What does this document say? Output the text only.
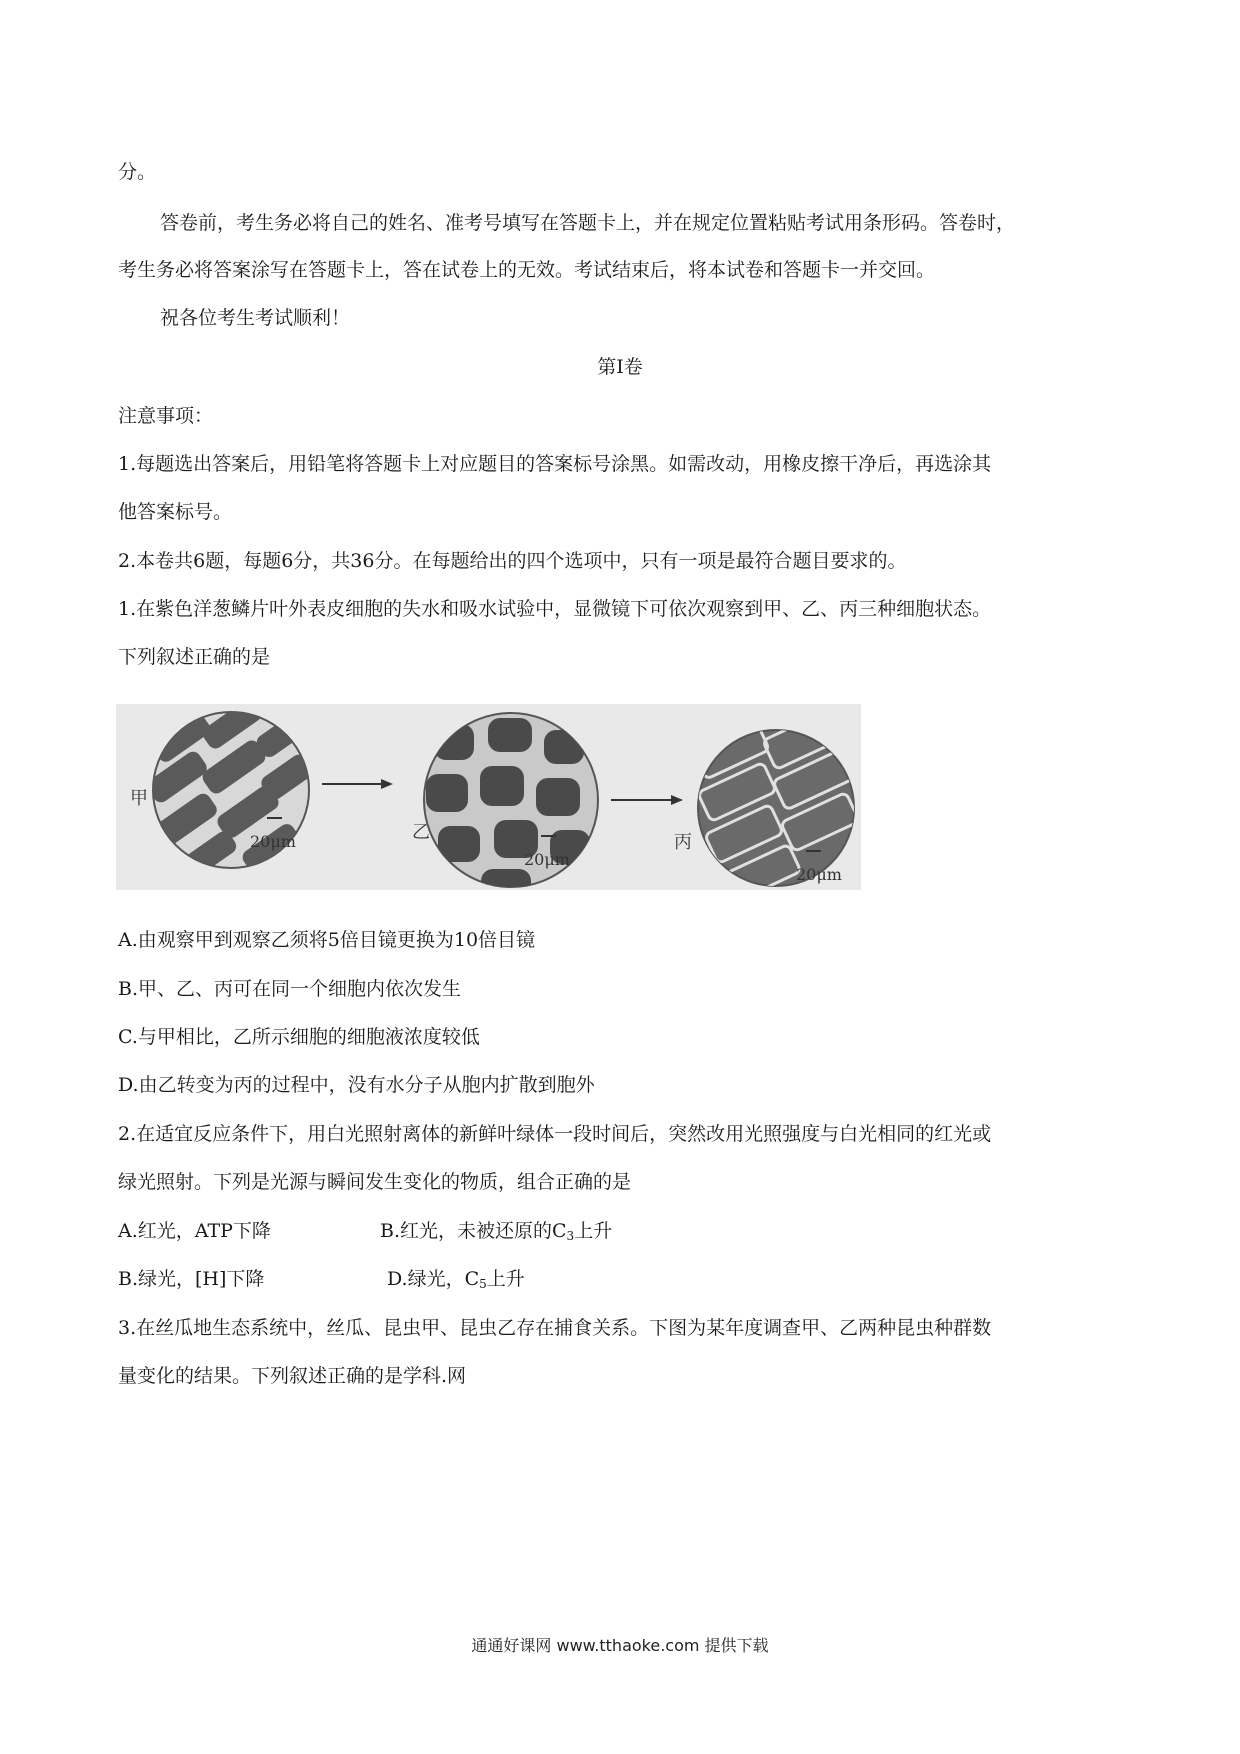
分。
答卷前，考生务必将自己的姓名、准考号填写在答题卡上，并在规定位置粘贴考试用条形码。答卷时，
考生务必将答案涂写在答题卡上，答在试卷上的无效。考试结束后，将本试卷和答题卡一并交回。
祝各位考生考试顺利！
第Ⅰ卷
注意事项：
1.每题选出答案后，用铅笔将答题卡上对应题目的答案标号涂黑。如需改动，用橡皮擦干净后，再选涂其
他答案标号。
2.本卷共6题，每题6分，共36分。在每题给出的四个选项中，只有一项是最符合题目要求的。
1.在紫色洋葱鳞片叶外表皮细胞的失水和吸水试验中，显微镜下可依次观察到甲、乙、丙三种细胞状态。
下列叙述正确的是
甲
乙	丙
20μm
20μm
20μm
A.由观察甲到观察乙须将5倍目镜更换为10倍目镜
B.甲、乙、丙可在同一个细胞内依次发生
C.与甲相比，乙所示细胞的细胞液浓度较低
D.由乙转变为丙的过程中，没有水分子从胞内扩散到胞外
2.在适宜反应条件下，用白光照射离体的新鲜叶绿体一段时间后，突然改用光照强度与白光相同的红光或
绿光照射。下列是光源与瞬间发生变化的物质，组合正确的是
A.红光，ATP下降	B.红光，未被还原的$C_3$上升
B.绿光，[H]下降	D.绿光，$C_5$上升
3.在丝瓜地生态系统中，丝瓜、昆虫甲、昆虫乙存在捕食关系。下图为某年度调查甲、乙两种昆虫种群数
量变化的结果。下列叙述正确的是学科.网
通通好课网 www.tthaoke.com 提供下载
